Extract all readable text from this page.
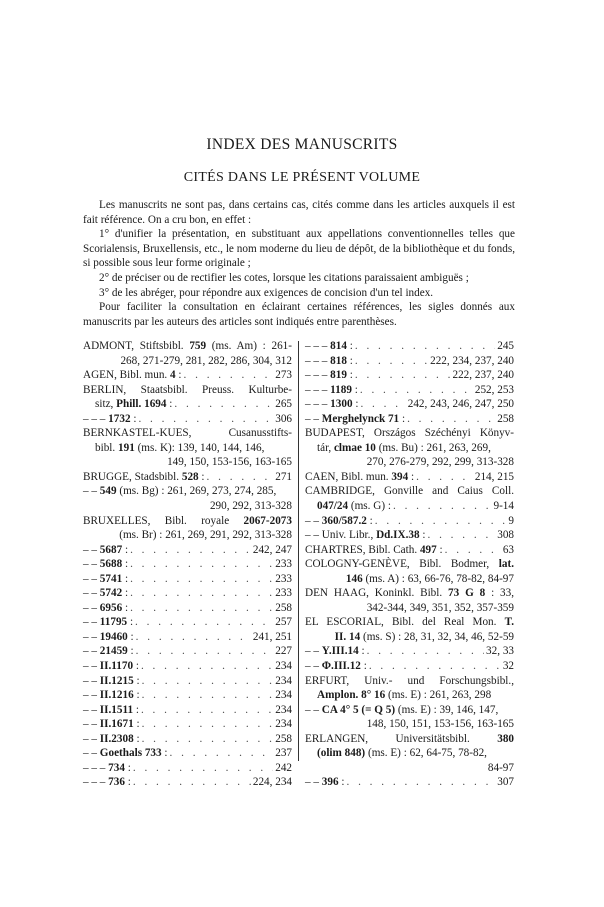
INDEX DES MANUSCRITS
CITÉS DANS LE PRÉSENT VOLUME

Les manuscrits ne sont pas, dans certains cas, cités comme dans les articles auxquels il est fait référence. On a cru bon, en effet :

1° d'unifier la présentation, en substituant aux appellations conventionnelles telles que Scorialensis, Bruxellensis, etc., le nom moderne du lieu de dépôt, de la bibliothèque et du fonds, si possible sous leur forme originale ;

2° de préciser ou de rectifier les cotes, lorsque les citations paraissaient ambiguës ;

3° de les abréger, pour répondre aux exigences de concision d'un tel index.

Pour faciliter la consultation en éclairant certaines références, les sigles donnés aux manuscrits par les auteurs des articles sont indiqués entre parenthèses.

ADMONT, Stiftsbibl. 759 (ms. Am) : 261-
268, 271-279, 281, 282, 286, 304, 312
AGEN, Bibl. mun. 4 : . . .	273
BERLIN, Staatsbibl. Preuss. Kulturbe-
sitz, Phill. 1694 : . . .	265
– – – 1732 : . . .	306
BERNKASTEL-KUES, Cusanusstifts-
bibl. 191 (ms. K): 139, 140, 144, 146,
149, 150, 153-156, 163-165
BRUGGE, Stadsbibl. 528 : . . .	271
– – 549 (ms. Bg) : 261, 269, 273, 274, 285,
290, 292, 313-328
BRUXELLES, Bibl. royale 2067-2073
(ms. Br) : 261, 269, 291, 292, 313-328
– – 5687 : . . .	242, 247
– – 5688 : . . .	233
– – 5741 : . . .	233
– – 5742 : . . .	233
– – 6956 : . . .	258
– – 11795 : . . .	257
– – 19460 : . . .	241, 251
– – 21459 : . . .	227
– – II.1170 : . . .	234
– – II.1215 : . . .	234
– – II.1216 : . . .	234
– – II.1511 : . . .	234
– – II.1671 : . . .	234
– – II.2308 : . . .	258
– – Goethals 733 : . . .	237
– – – 734 : . . .	242
– – – 736 : . . .	224, 234
– – – 814 : . . .	245
– – – 818 : . . .	222, 234, 237, 240
– – – 819 : . . .	222, 237, 240
– – – 1189 : . . .	252, 253
– – – 1300 : . . .	242, 243, 246, 247, 250
– – Merghelynck 71 : . . .	258
BUDAPEST, Országos Széchényi Könyv-
tár, clmae 10 (ms. Bu) : 261, 263, 269,
270, 276-279, 292, 299, 313-328
CAEN, Bibl. mun. 394 : . . .	214, 215
CAMBRIDGE, Gonville and Caius Coll.
047/24 (ms. G) : . . .	9-14
– – 360/587.2 : . . .	9
– – Univ. Libr., Dd.IX.38 : . . .	308
CHARTRES, Bibl. Cath. 497 : . . .	63
COLOGNY-GENÈVE, Bibl. Bodmer, lat.
146 (ms. A) : 63, 66-76, 78-82, 84-97
DEN HAAG, Koninkl. Bibl. 73 G 8 : 33,
342-344, 349, 351, 352, 357-359
EL ESCORIAL, Bibl. del Real Mon. T.
II. 14 (ms. S) : 28, 31, 32, 34, 46, 52-59
– – Y.III.14 : . . .	32, 33
– – Φ.III.12 : . . .	32
ERFURT, Univ.- und Forschungsbibl.,
Amplon. 8° 16 (ms. E) : 261, 263, 298
– – CA 4° 5 (= Q 5) (ms. E) : 39, 146, 147,
148, 150, 151, 153-156, 163-165
ERLANGEN, Universitätsbibl. 380
(olim 848) (ms. E) : 62, 64-75, 78-82,
84-97
– – 396 : . . .	307
